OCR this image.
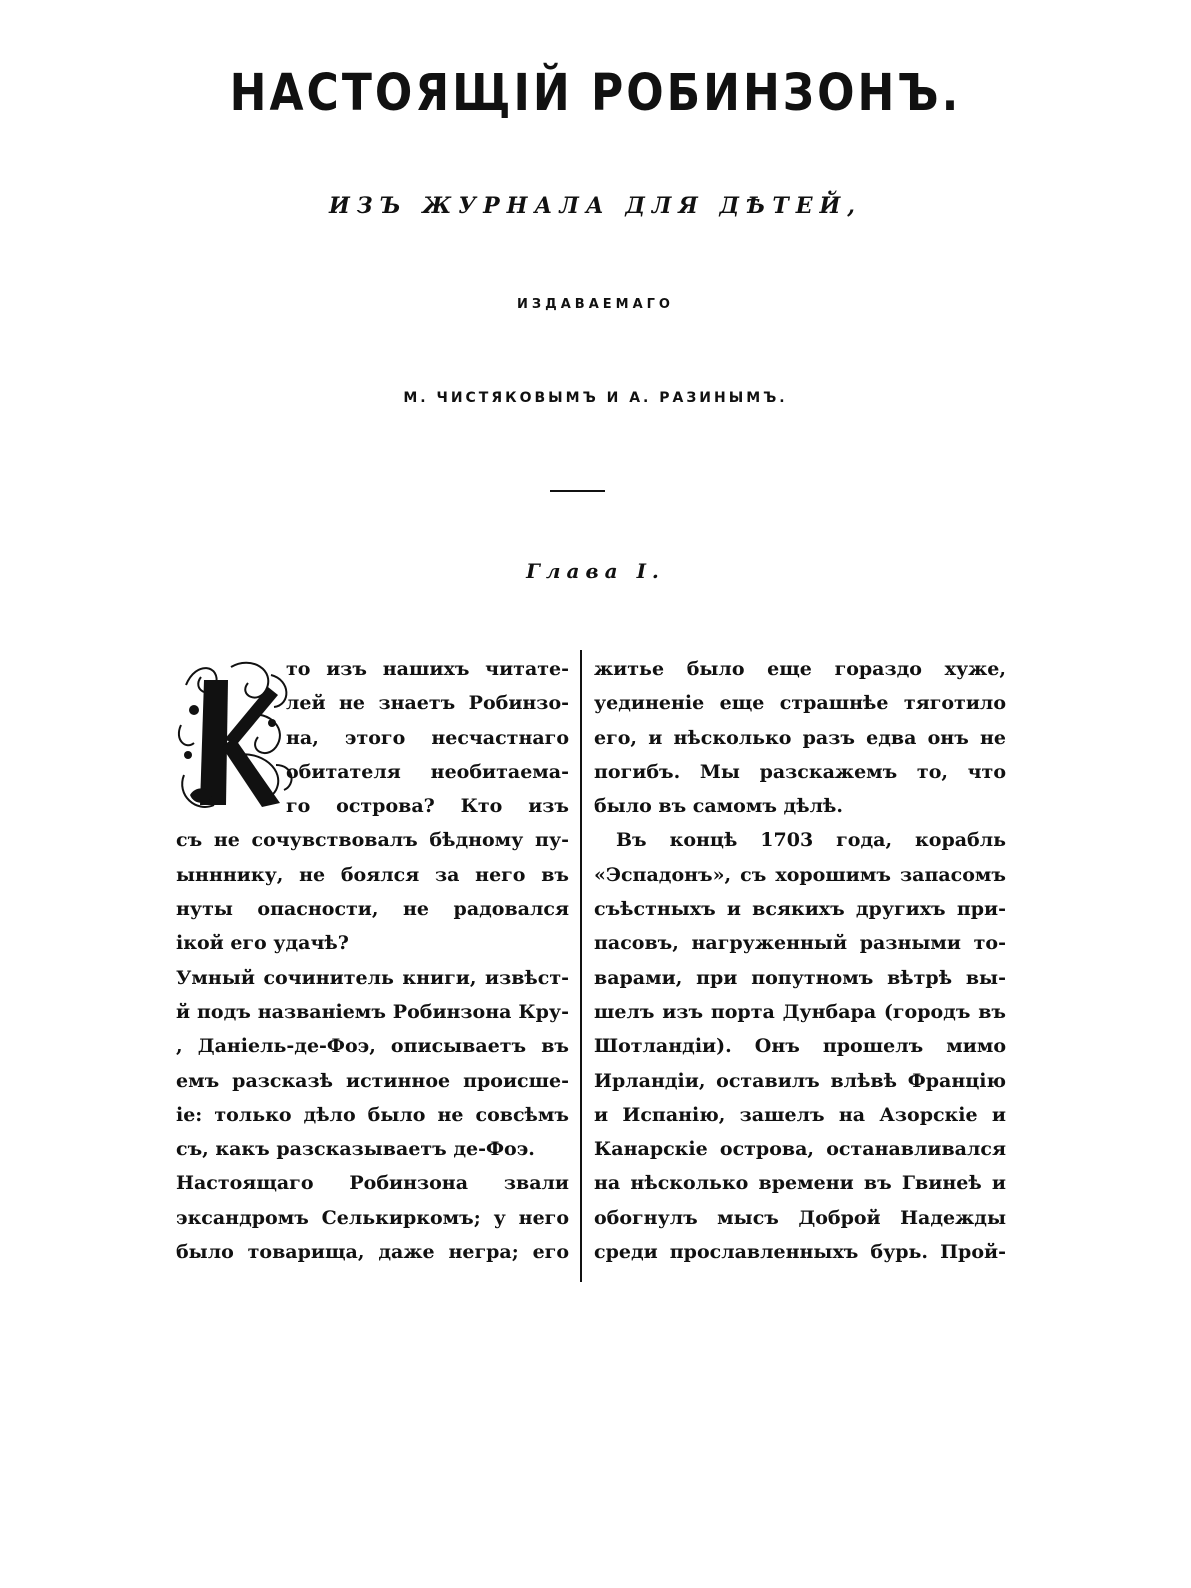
НАСТОЯЩІЙ РОБИНЗОНЪ.
ИЗЪ ЖУРНАЛА ДЛЯ ДѢТЕЙ,
ИЗДАВАЕМАГО
М. ЧИСТЯКОВЫМЪ И А. РАЗИНЫМЪ.
Глава І.
то изъ нашихъ читате-
лей не знаетъ Робинзо-
на, этого несчастнаго
обитателя необитаема-
го острова? Кто изъ
съ не сочувствовалъ бѣдному пу-
ынннику, не боялся за него въ
нуты опасности, не радовался
ікой его удачѣ?
Умный сочинитель книги, извѣст-
й подъ названіемъ Робинзона Кру-
, Даніель-де-Фоэ, описываетъ въ
емъ разсказѣ истинное происше-
іе: только дѣло было не совсѣмъ
съ, какъ разсказываетъ де-Фоэ.
Настоящаго Робинзона звали
эксандромъ Селькиркомъ; у него
было товарища, даже негра; его
житье было еще гораздо хуже,
уединеніе еще страшнѣе тяготило
его, и нѣсколько разъ едва онъ не
погибъ. Мы разскажемъ то, что
было въ самомъ дѣлѣ.
Въ концѣ 1703 года, корабль
«Эспадонъ», съ хорошимъ запасомъ
съѣстныхъ и всякихъ другихъ при-
пасовъ, нагруженный разными то-
варами, при попутномъ вѣтрѣ вы-
шелъ изъ порта Дунбара (городъ въ
Шотландіи). Онъ прошелъ мимо
Ирландіи, оставилъ влѣвѣ Францію
и Испанію, зашелъ на Азорскіе и
Канарскіе острова, останавливался
на нѣсколько времени въ Гвинеѣ и
обогнулъ мысъ Доброй Надежды
среди прославленныхъ бурь. Прой-
